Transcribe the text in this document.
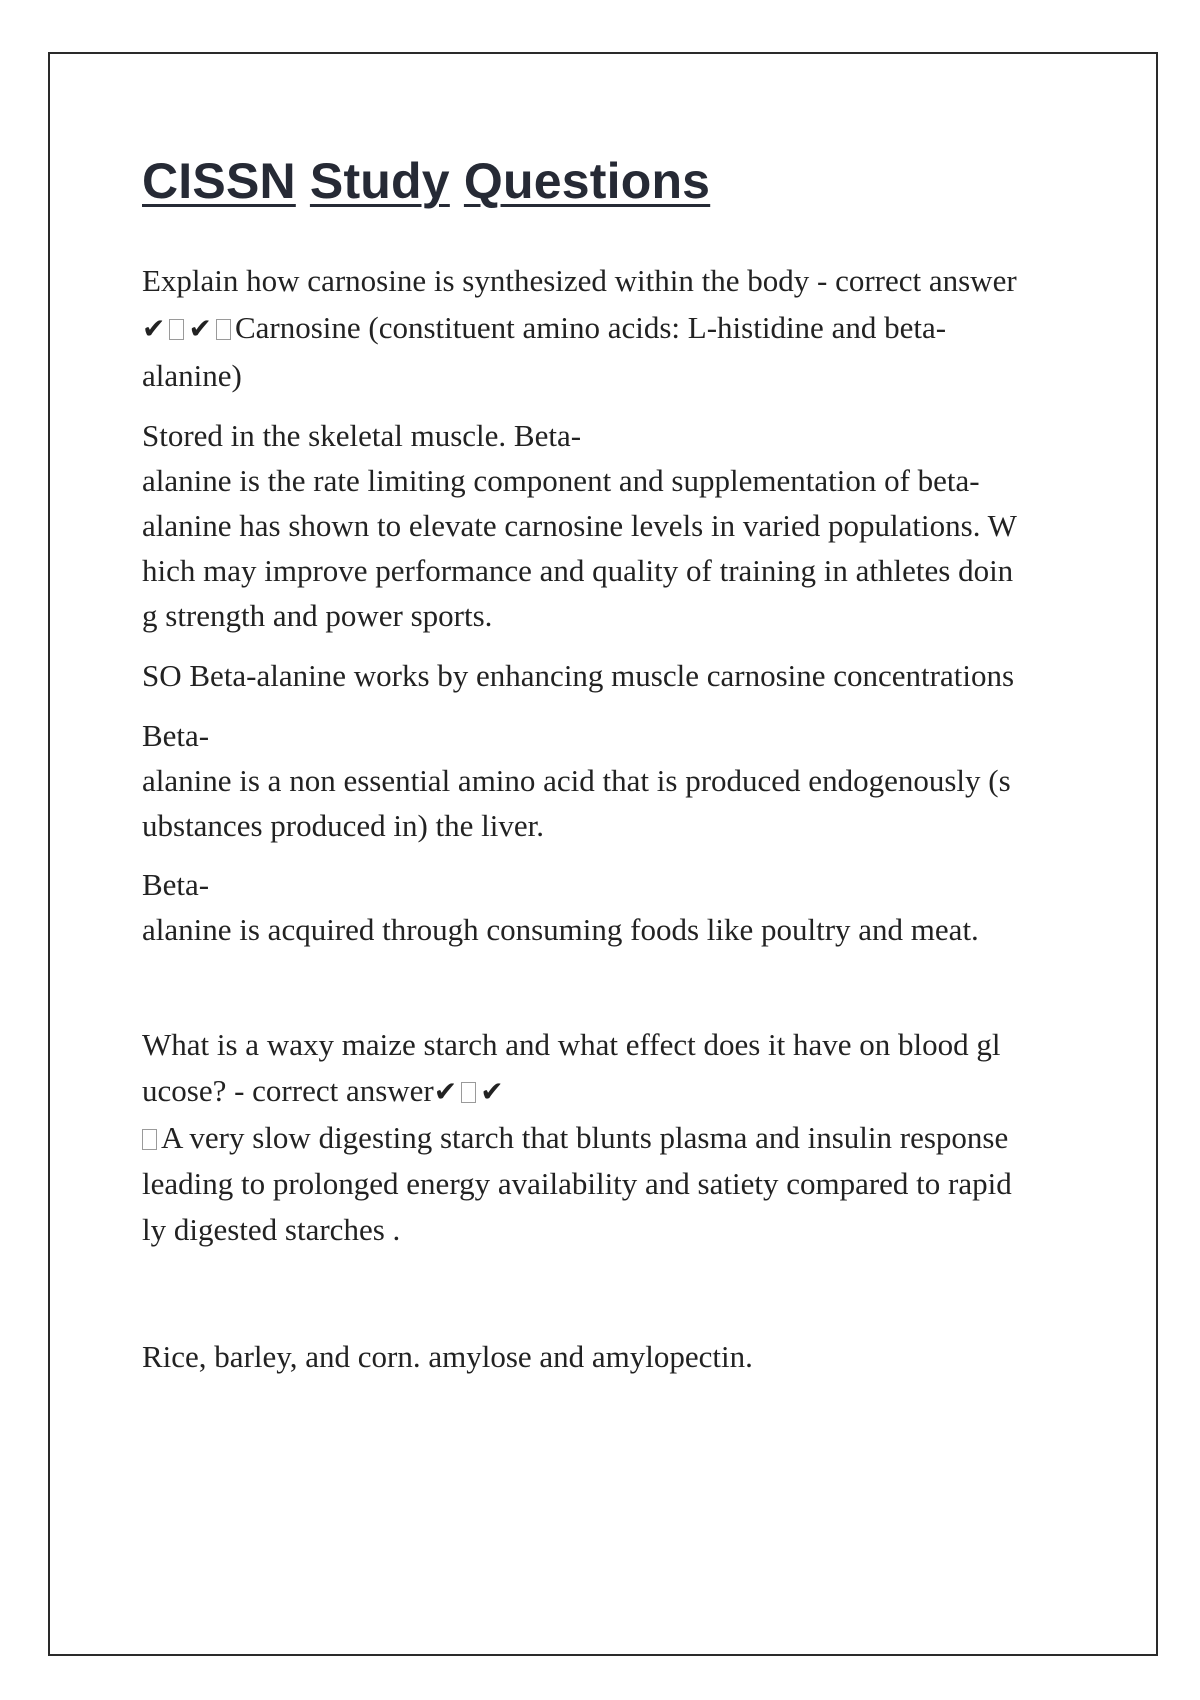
CISSN Study Questions
Explain how carnosine is synthesized within the body - correct answer
✔ ✔ Carnosine (constituent amino acids: L-histidine and beta-
alanine)
Stored in the skeletal muscle. Beta-
alanine is the rate limiting component and supplementation of beta-
alanine has shown to elevate carnosine levels in varied populations. W
hich may improve performance and quality of training in athletes doin
g strength and power sports.
SO Beta-alanine works by enhancing muscle carnosine concentrations
Beta-
alanine is a non essential amino acid that is produced endogenously (s
ubstances produced in) the liver.
Beta-
alanine is acquired through consuming foods like poultry and meat.
What is a waxy maize starch and what effect does it have on blood gl
ucose? - correct answer✔ ✔
A very slow digesting starch that blunts plasma and insulin response
leading to prolonged energy availability and satiety compared to rapid
ly digested starches .
Rice, barley, and corn. amylose and amylopectin.
